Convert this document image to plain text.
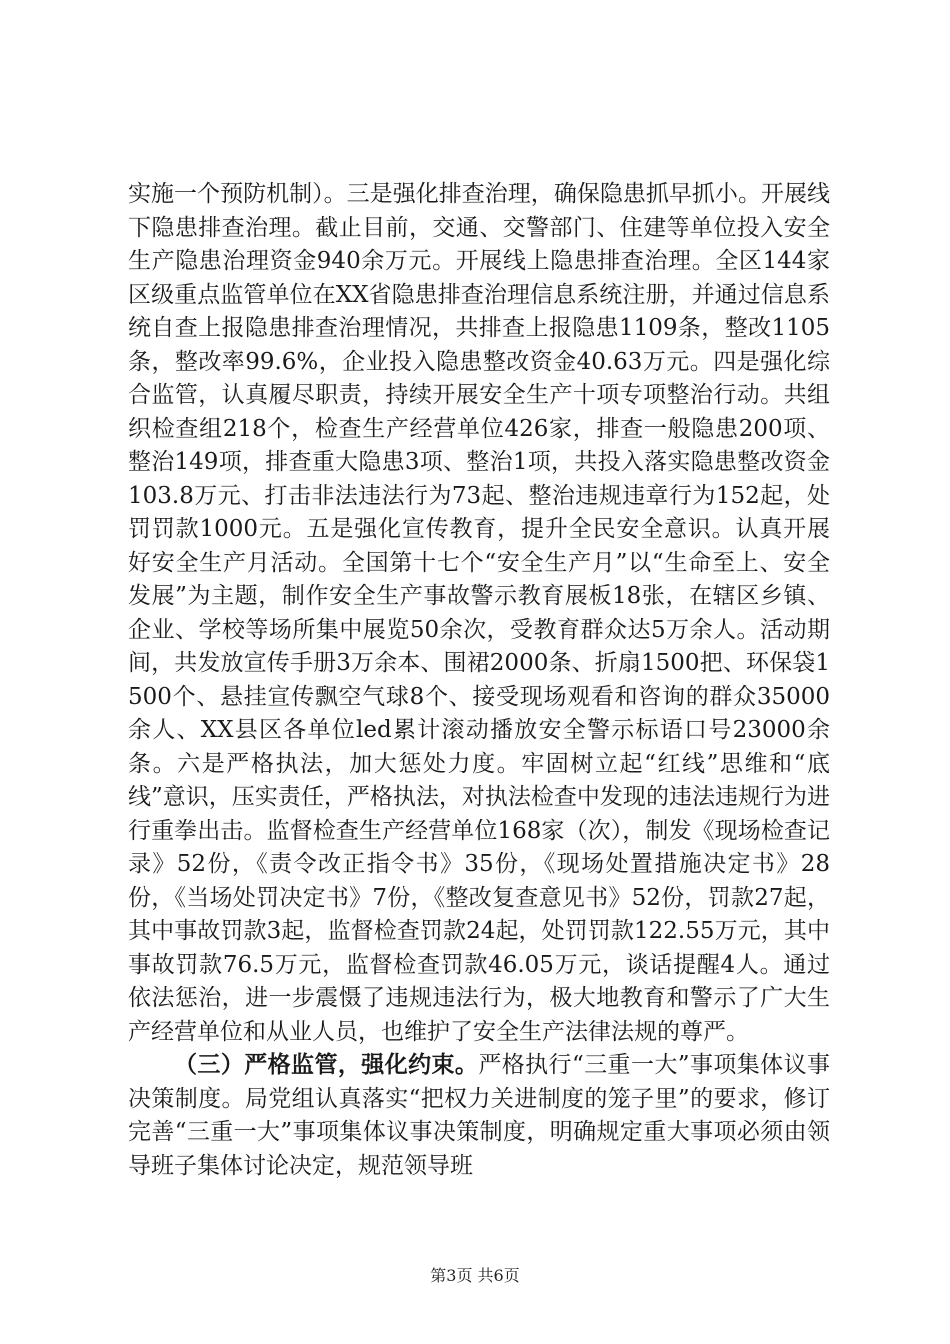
实施一个预防机制）。三是强化排查治理，确保隐患抓早抓小。开展线下隐患排查治理。截止目前，交通、交警部门、住建等单位投入安全生产隐患治理资金940余万元。开展线上隐患排查治理。全区144家区级重点监管单位在XX省隐患排查治理信息系统注册，并通过信息系统自查上报隐患排查治理情况，共排查上报隐患1109条，整改1105条，整改率99.6%，企业投入隐患整改资金40.63万元。四是强化综合监管，认真履尽职责，持续开展安全生产十项专项整治行动。共组织检查组218个，检查生产经营单位426家，排查一般隐患200项、整治149项，排查重大隐患3项、整治1项，共投入落实隐患整改资金103.8万元、打击非法违法行为73起、整治违规违章行为152起，处罚罚款1000元。五是强化宣传教育，提升全民安全意识。认真开展好安全生产月活动。全国第十七个“安全生产月”以“生命至上、安全发展”为主题，制作安全生产事故警示教育展板18张，在辖区乡镇、企业、学校等场所集中展览50余次，受教育群众达5万余人。活动期间，共发放宣传手册3万余本、围裙2000条、折扇1500把、环保袋1500个、悬挂宣传飘空气球8个、接受现场观看和咨询的群众35000余人、XX县区各单位led累计滚动播放安全警示标语口号23000余条。六是严格执法，加大惩处力度。牢固树立起“红线”思维和“底线”意识，压实责任，严格执法，对执法检查中发现的违法违规行为进行重拳出击。监督检查生产经营单位168家（次），制发《现场检查记录》52份，《责令改正指令书》35份，《现场处置措施决定书》28份，《当场处罚决定书》7份，《整改复查意见书》52份，罚款27起，其中事故罚款3起，监督检查罚款24起，处罚罚款122.55万元，其中事故罚款76.5万元，监督检查罚款46.05万元，谈话提醒4人。通过依法惩治，进一步震慑了违规违法行为，极大地教育和警示了广大生产经营单位和从业人员，也维护了安全生产法律法规的尊严。

（三）严格监管，强化约束。严格执行“三重一大”事项集体议事决策制度。局党组认真落实“把权力关进制度的笼子里”的要求，修订完善“三重一大”事项集体议事决策制度，明确规定重大事项必须由领导班子集体讨论决定，规范领导班

第3页 共6页
